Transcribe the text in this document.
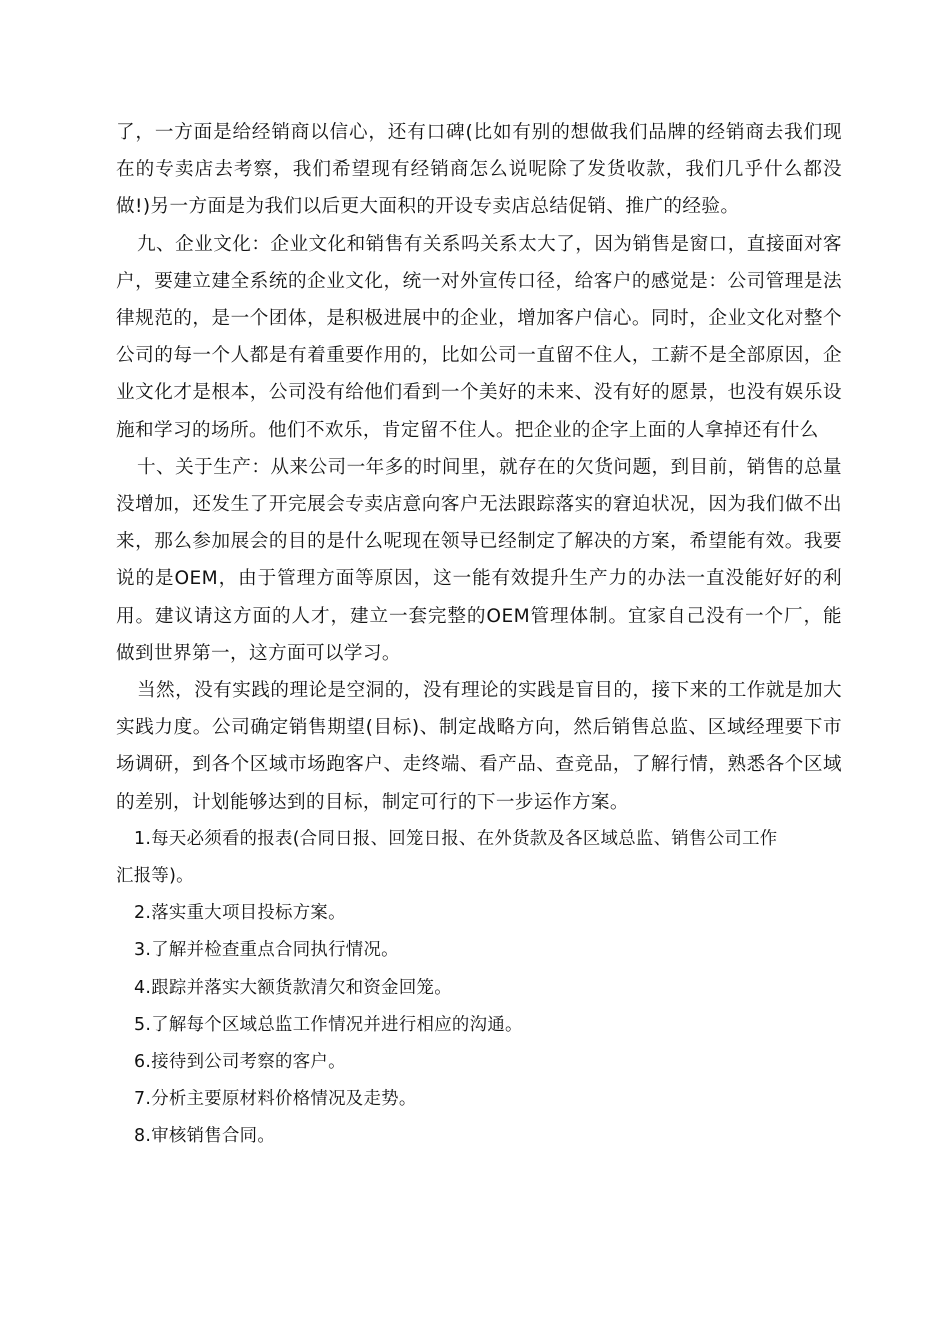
了，一方面是给经销商以信心，还有口碑(比如有别的想做我们品牌的经销商去我们现在的专卖店去考察，我们希望现有经销商怎么说呢除了发货收款，我们几乎什么都没做!)另一方面是为我们以后更大面积的开设专卖店总结促销、推广的经验。

九、企业文化：企业文化和销售有关系吗关系太大了，因为销售是窗口，直接面对客户，要建立建全系统的企业文化，统一对外宣传口径，给客户的感觉是：公司管理是法律规范的，是一个团体，是积极进展中的企业，增加客户信心。同时，企业文化对整个公司的每一个人都是有着重要作用的，比如公司一直留不住人，工薪不是全部原因，企业文化才是根本，公司没有给他们看到一个美好的未来、没有好的愿景，也没有娱乐设施和学习的场所。他们不欢乐，肯定留不住人。把企业的企字上面的人拿掉还有什么

十、关于生产：从来公司一年多的时间里，就存在的欠货问题，到目前，销售的总量没增加，还发生了开完展会专卖店意向客户无法跟踪落实的窘迫状况，因为我们做不出来，那么参加展会的目的是什么呢现在领导已经制定了解决的方案，希望能有效。我要说的是OEM，由于管理方面等原因，这一能有效提升生产力的办法一直没能好好的利用。建议请这方面的人才，建立一套完整的OEM管理体制。宜家自己没有一个厂，能做到世界第一，这方面可以学习。

当然，没有实践的理论是空洞的，没有理论的实践是盲目的，接下来的工作就是加大实践力度。公司确定销售期望(目标)、制定战略方向，然后销售总监、区域经理要下市场调研，到各个区域市场跑客户、走终端、看产品、查竞品，了解行情，熟悉各个区域的差别，计划能够达到的目标，制定可行的下一步运作方案。

1.每天必须看的报表(合同日报、回笼日报、在外货款及各区域总监、销售公司工作
汇报等)。
2.落实重大项目投标方案。
3.了解并检查重点合同执行情况。
4.跟踪并落实大额货款清欠和资金回笼。
5.了解每个区域总监工作情况并进行相应的沟通。
6.接待到公司考察的客户。
7.分析主要原材料价格情况及走势。
8.审核销售合同。
